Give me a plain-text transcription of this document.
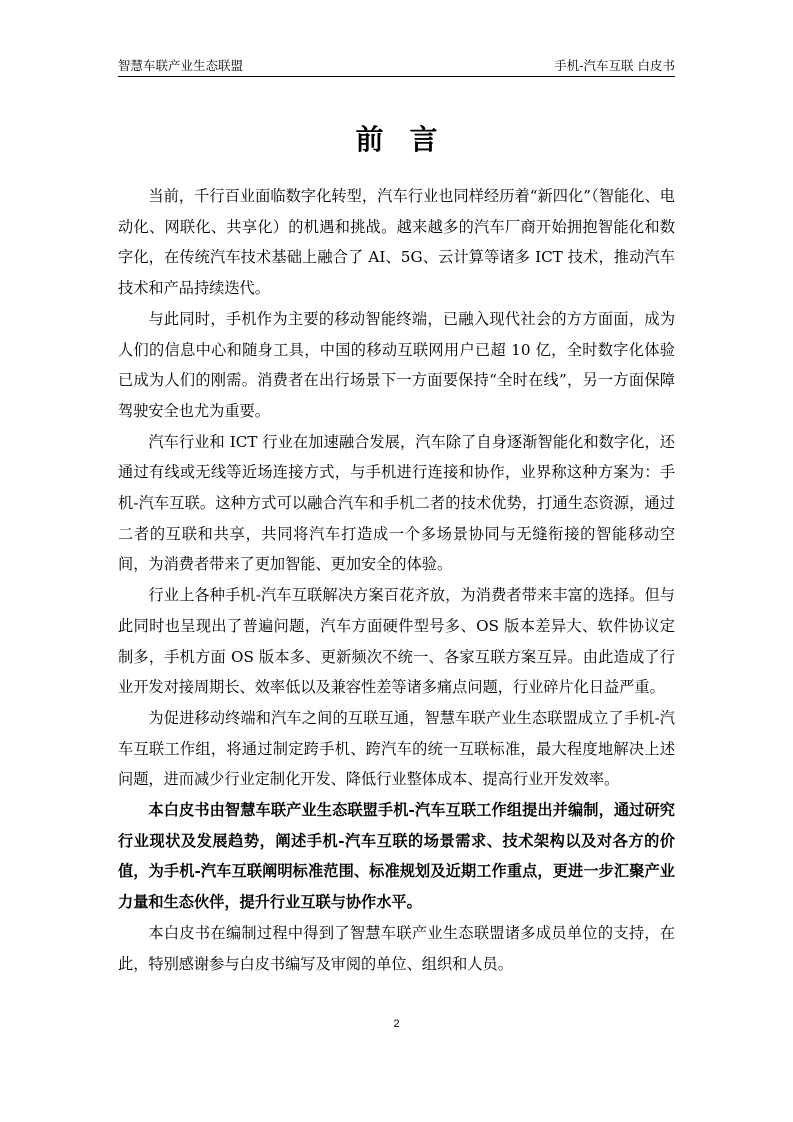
智慧车联产业生态联盟	手机-汽车互联 白皮书
前言

当前，千行百业面临数字化转型，汽车行业也同样经历着“新四化”（智能化、电动化、网联化、共享化）的机遇和挑战。越来越多的汽车厂商开始拥抱智能化和数字化，在传统汽车技术基础上融合了 AI、5G、云计算等诸多 ICT 技术，推动汽车技术和产品持续迭代。

与此同时，手机作为主要的移动智能终端，已融入现代社会的方方面面，成为人们的信息中心和随身工具，中国的移动互联网用户已超 10 亿，全时数字化体验已成为人们的刚需。消费者在出行场景下一方面要保持“全时在线”，另一方面保障驾驶安全也尤为重要。

汽车行业和 ICT 行业在加速融合发展，汽车除了自身逐渐智能化和数字化，还通过有线或无线等近场连接方式，与手机进行连接和协作，业界称这种方案为：手机-汽车互联。这种方式可以融合汽车和手机二者的技术优势，打通生态资源，通过二者的互联和共享，共同将汽车打造成一个多场景协同与无缝衔接的智能移动空间，为消费者带来了更加智能、更加安全的体验。

行业上各种手机-汽车互联解决方案百花齐放，为消费者带来丰富的选择。但与此同时也呈现出了普遍问题，汽车方面硬件型号多、OS 版本差异大、软件协议定制多，手机方面 OS 版本多、更新频次不统一、各家互联方案互异。由此造成了行业开发对接周期长、效率低以及兼容性差等诸多痛点问题，行业碎片化日益严重。

为促进移动终端和汽车之间的互联互通，智慧车联产业生态联盟成立了手机-汽车互联工作组，将通过制定跨手机、跨汽车的统一互联标准，最大程度地解决上述问题，进而减少行业定制化开发、降低行业整体成本、提高行业开发效率。

本白皮书由智慧车联产业生态联盟手机-汽车互联工作组提出并编制，通过研究行业现状及发展趋势，阐述手机-汽车互联的场景需求、技术架构以及对各方的价值，为手机-汽车互联阐明标准范围、标准规划及近期工作重点，更进一步汇聚产业力量和生态伙伴，提升行业互联与协作水平。

本白皮书在编制过程中得到了智慧车联产业生态联盟诸多成员单位的支持，在此，特别感谢参与白皮书编写及审阅的单位、组织和人员。

2
